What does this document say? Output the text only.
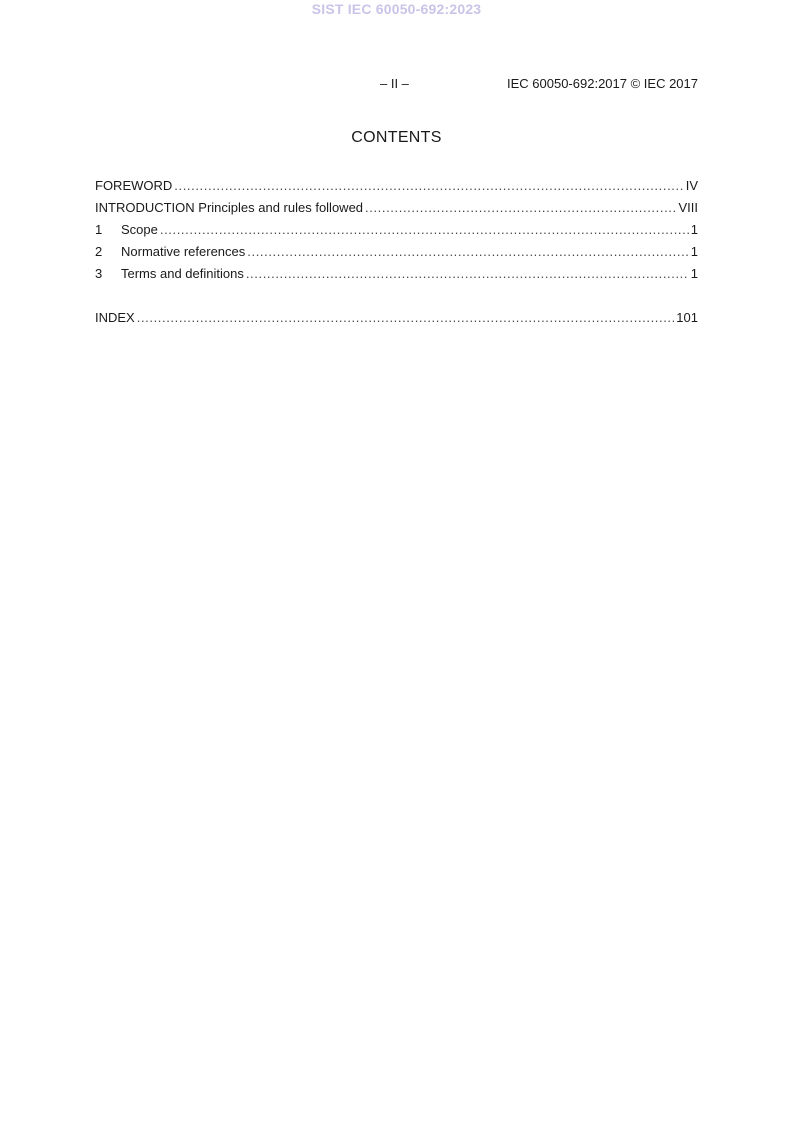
SIST IEC 60050-692:2023
– II –	IEC 60050-692:2017 © IEC 2017
CONTENTS
FOREWORD .....	IV
INTRODUCTION Principles and rules followed .....	VIII
1	Scope .....	1
2	Normative references .....	1
3	Terms and definitions .....	1
INDEX .....	101
